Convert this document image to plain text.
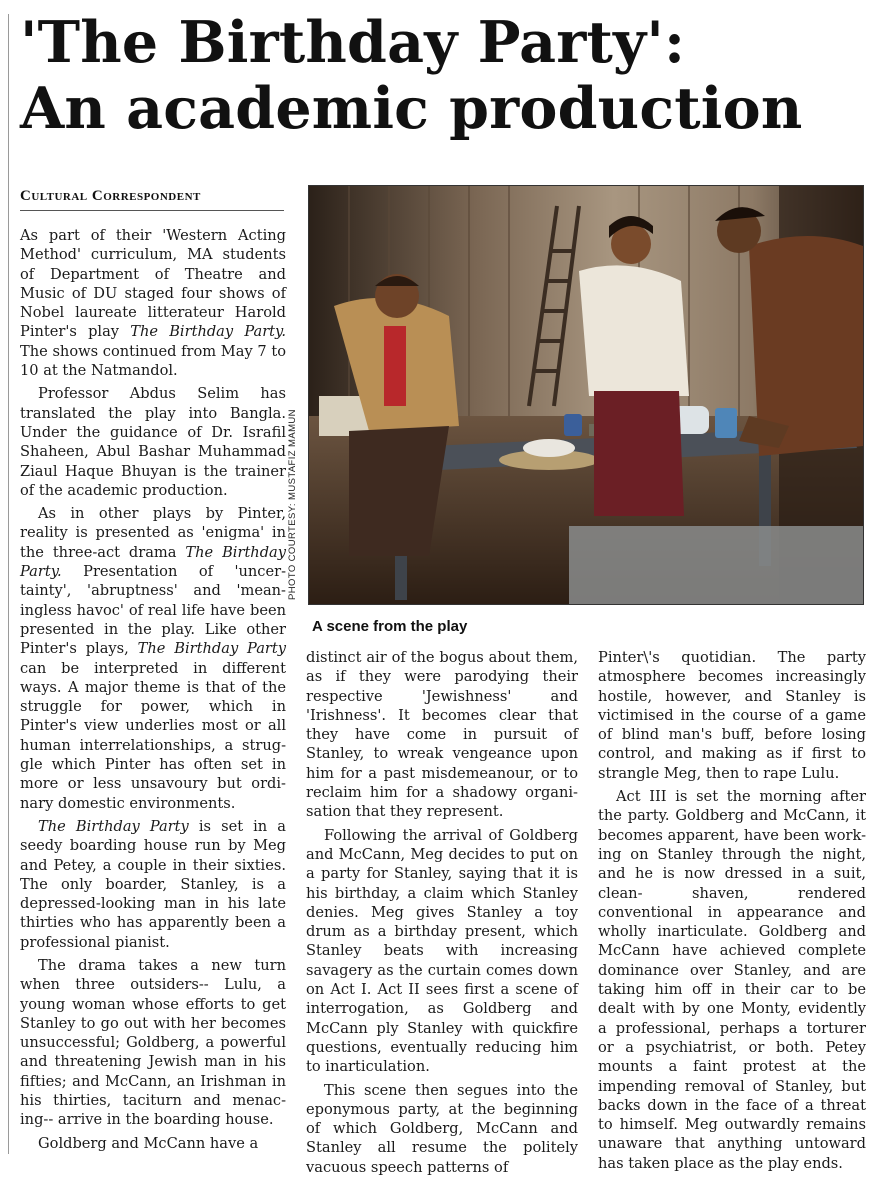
'The Birthday Party':
An academic production
Cultural Correspondent

As part of their 'Western Acting Method' curriculum, MA students of Department of Theatre and Music of DU staged four shows of Nobel laureate litterateur Harold Pinter's play The Birthday Party. The shows continued from May 7 to 10 at the Natmandol.

Professor Abdus Selim has translated the play into Bangla. Under the guidance of Dr. Israfil Shaheen, Abul Bashar Muhammad Ziaul Haque Bhuyan is the trainer of the academic production.

As in other plays by Pinter, reality is presented as 'enigma' in the three-act drama The Birthday Party. Presentation of 'uncer- tainty', 'abruptness' and 'mean- ingless havoc' of real life have been presented in the play. Like other Pinter's plays, The Birthday Party can be interpreted in different ways. A major theme is that of the struggle for power, which in Pinter's view underlies most or all human interrelationships, a strug- gle which Pinter has often set in more or less unsavoury but ordi- nary domestic environments.

The Birthday Party is set in a seedy boarding house run by Meg and Petey, a couple in their sixties. The only boarder, Stanley, is a depressed-looking man in his late thirties who has apparently been a professional pianist.

The drama takes a new turn when three outsiders-- Lulu, a young woman whose efforts to get Stanley to go out with her becomes unsuccessful; Goldberg, a powerful and threatening Jewish man in his fifties; and McCann, an Irishman in his thirties, taciturn and menac- ing-- arrive in the boarding house.

Goldberg and McCann have a

PHOTO COURTESY: MUSTAFIZ MAMUN
A scene from the play

distinct air of the bogus about them, as if they were parodying their respective 'Jewishness' and 'Irishness'. It becomes clear that they have come in pursuit of Stanley, to wreak vengeance upon him for a past misdemeanour, or to reclaim him for a shadowy organi- sation that they represent.

Following the arrival of Goldberg and McCann, Meg decides to put on a party for Stanley, saying that it is his birthday, a claim which Stanley denies. Meg gives Stanley a toy drum as a birthday present, which Stanley beats with increasing savagery as the curtain comes down on Act I. Act II sees first a scene of interrogation, as Goldberg and McCann ply Stanley with quickfire questions, eventually reducing him to inarticulation.

This scene then segues into the eponymous party, at the beginning of which Goldberg, McCann and Stanley all resume the politely vacuous speech patterns of

Pinter\'s quotidian. The party atmosphere becomes increasingly hostile, however, and Stanley is victimised in the course of a game of blind man's buff, before losing control, and making as if first to strangle Meg, then to rape Lulu.

Act III is set the morning after the party. Goldberg and McCann, it becomes apparent, have been work- ing on Stanley through the night, and he is now dressed in a suit, clean- shaven, rendered conventional in appearance and wholly inarticulate. Goldberg and McCann have achieved complete dominance over Stanley, and are taking him off in their car to be dealt with by one Monty, evidently a professional, perhaps a torturer or a psychiatrist, or both. Petey mounts a faint protest at the impending removal of Stanley, but backs down in the face of a threat to himself. Meg outwardly remains unaware that anything untoward has taken place as the play ends.
